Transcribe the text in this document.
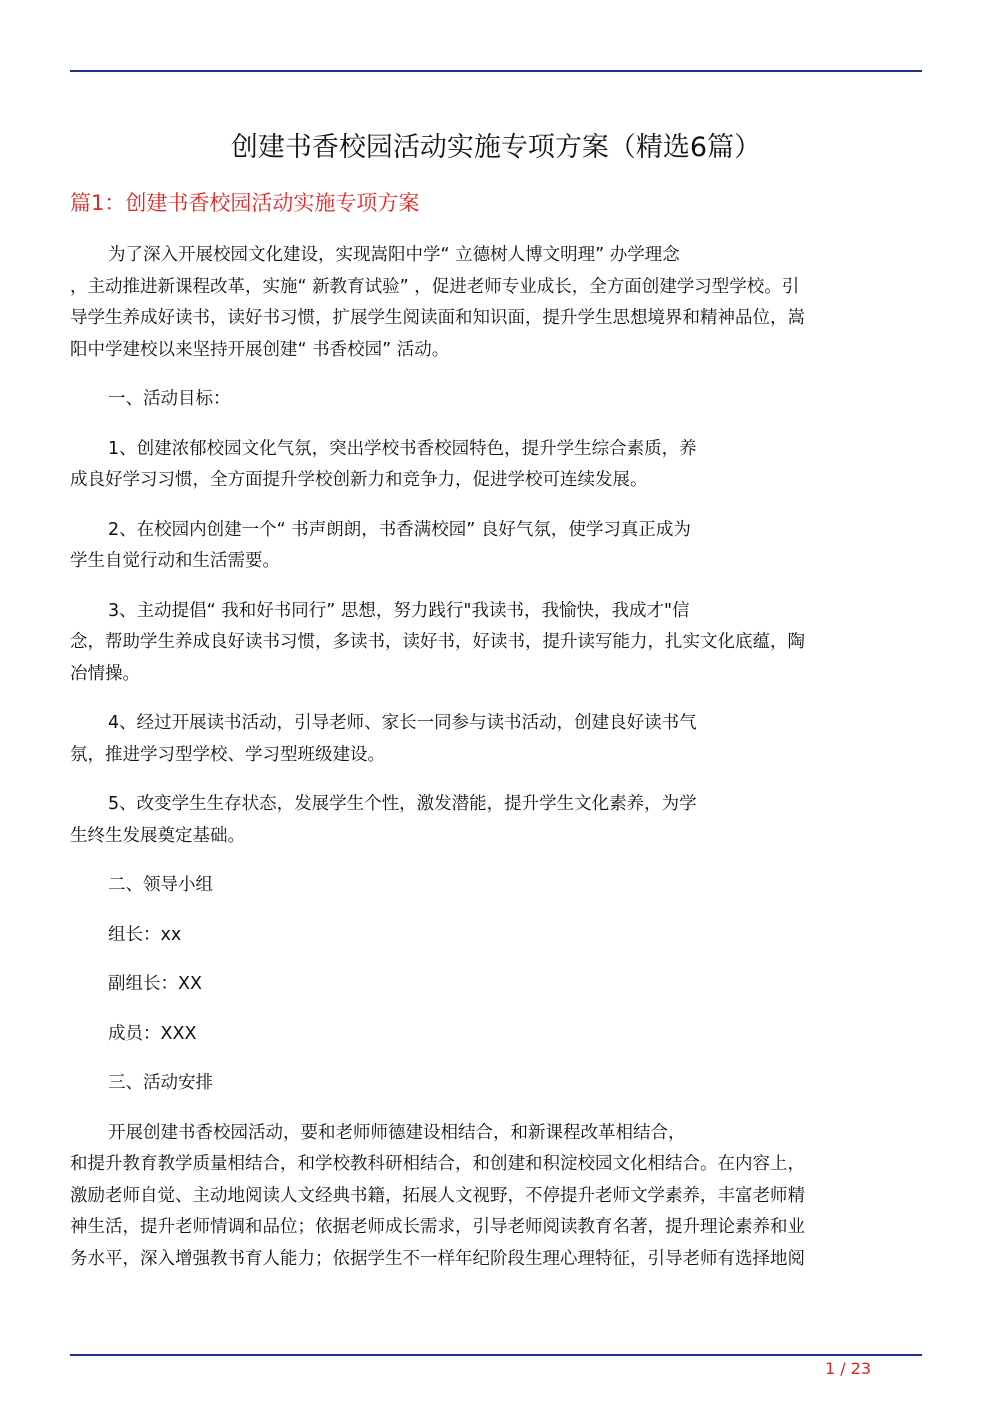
创建书香校园活动实施专项方案（精选6篇）
篇1：创建书香校园活动实施专项方案

为了深入开展校园文化建设，实现嵩阳中学“ 立德树人博文明理” 办学理念
，主动推进新课程改革，实施“ 新教育试验” ，促进老师专业成长，全方面创建学习型学校。引
导学生养成好读书，读好书习惯，扩展学生阅读面和知识面，提升学生思想境界和精神品位，嵩
阳中学建校以来坚持开展创建“ 书香校园” 活动。

一、活动目标：

1、创建浓郁校园文化气氛，突出学校书香校园特色，提升学生综合素质，养
成良好学习习惯，全方面提升学校创新力和竞争力，促进学校可连续发展。

2、在校园内创建一个“ 书声朗朗，书香满校园” 良好气氛，使学习真正成为
学生自觉行动和生活需要。

3、主动提倡“ 我和好书同行” 思想，努力践行"我读书，我愉快，我成才"信
念，帮助学生养成良好读书习惯，多读书，读好书，好读书，提升读写能力，扎实文化底蕴，陶
冶情操。

4、经过开展读书活动，引导老师、家长一同参与读书活动，创建良好读书气
氛，推进学习型学校、学习型班级建设。

5、改变学生生存状态，发展学生个性，激发潜能，提升学生文化素养，为学
生终生发展奠定基础。

二、领导小组

组长：xx

副组长：XX

成员：XXX

三、活动安排

开展创建书香校园活动，要和老师师德建设相结合，和新课程改革相结合，
和提升教育教学质量相结合，和学校教科研相结合，和创建和积淀校园文化相结合。在内容上，
激励老师自觉、主动地阅读人文经典书籍，拓展人文视野，不停提升老师文学素养，丰富老师精
神生活，提升老师情调和品位；依据老师成长需求，引导老师阅读教育名著，提升理论素养和业
务水平，深入增强教书育人能力；依据学生不一样年纪阶段生理心理特征，引导老师有选择地阅

1 / 23
